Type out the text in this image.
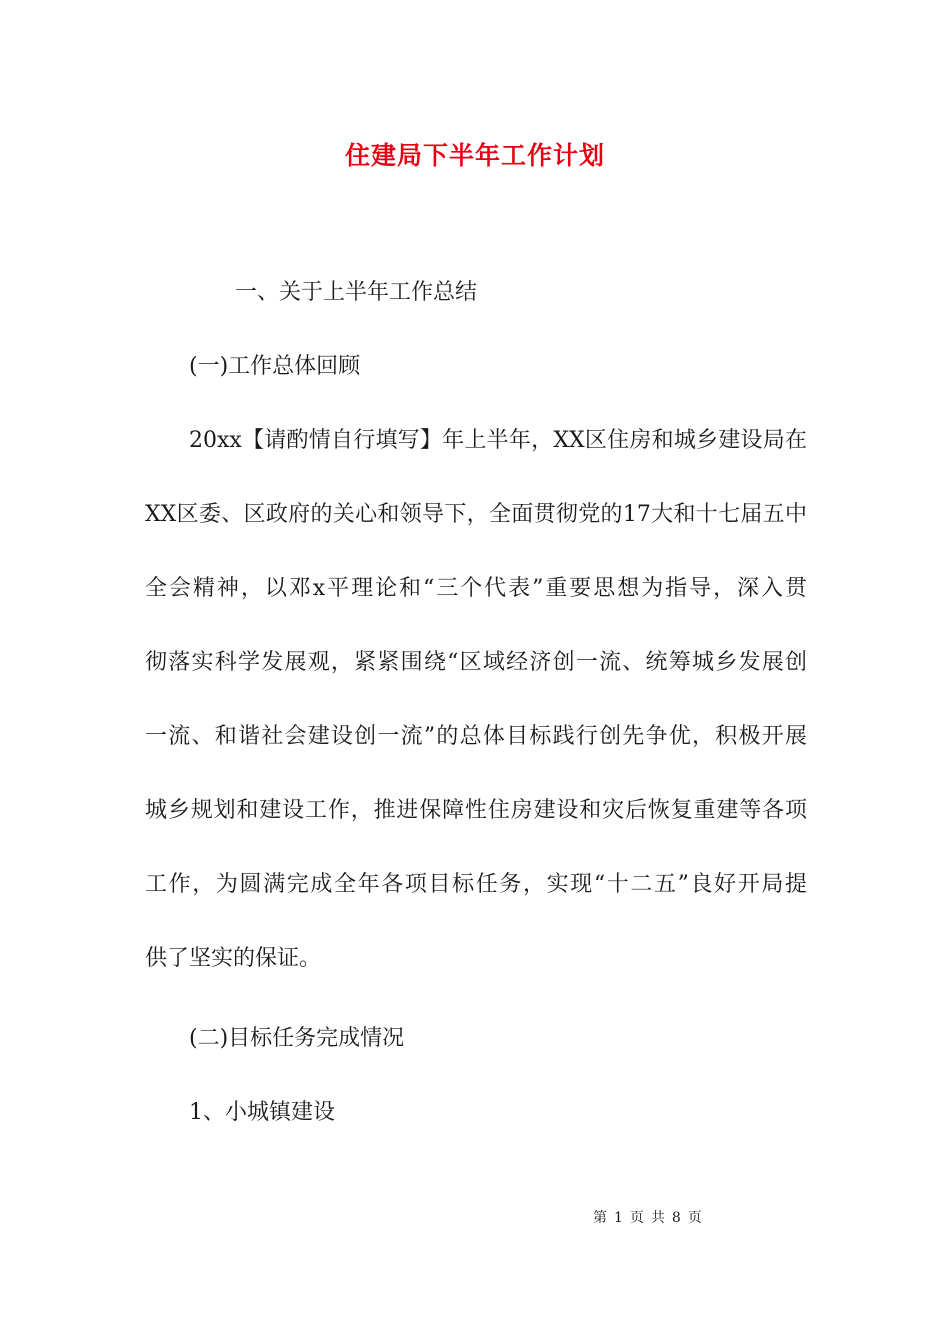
住建局下半年工作计划
一、关于上半年工作总结
(一)工作总体回顾
20xx【请酌情自行填写】年上半年，XX区住房和城乡建设局在
XX区委、区政府的关心和领导下，全面贯彻党的17大和十七届五中
全会精神，以邓x平理论和“三个代表”重要思想为指导，深入贯
彻落实科学发展观，紧紧围绕“区域经济创一流、统筹城乡发展创
一流、和谐社会建设创一流”的总体目标践行创先争优，积极开展
城乡规划和建设工作，推进保障性住房建设和灾后恢复重建等各项
工作，为圆满完成全年各项目标任务，实现“十二五”良好开局提
供了坚实的保证。
(二)目标任务完成情况
1、小城镇建设
第 1 页 共 8 页
